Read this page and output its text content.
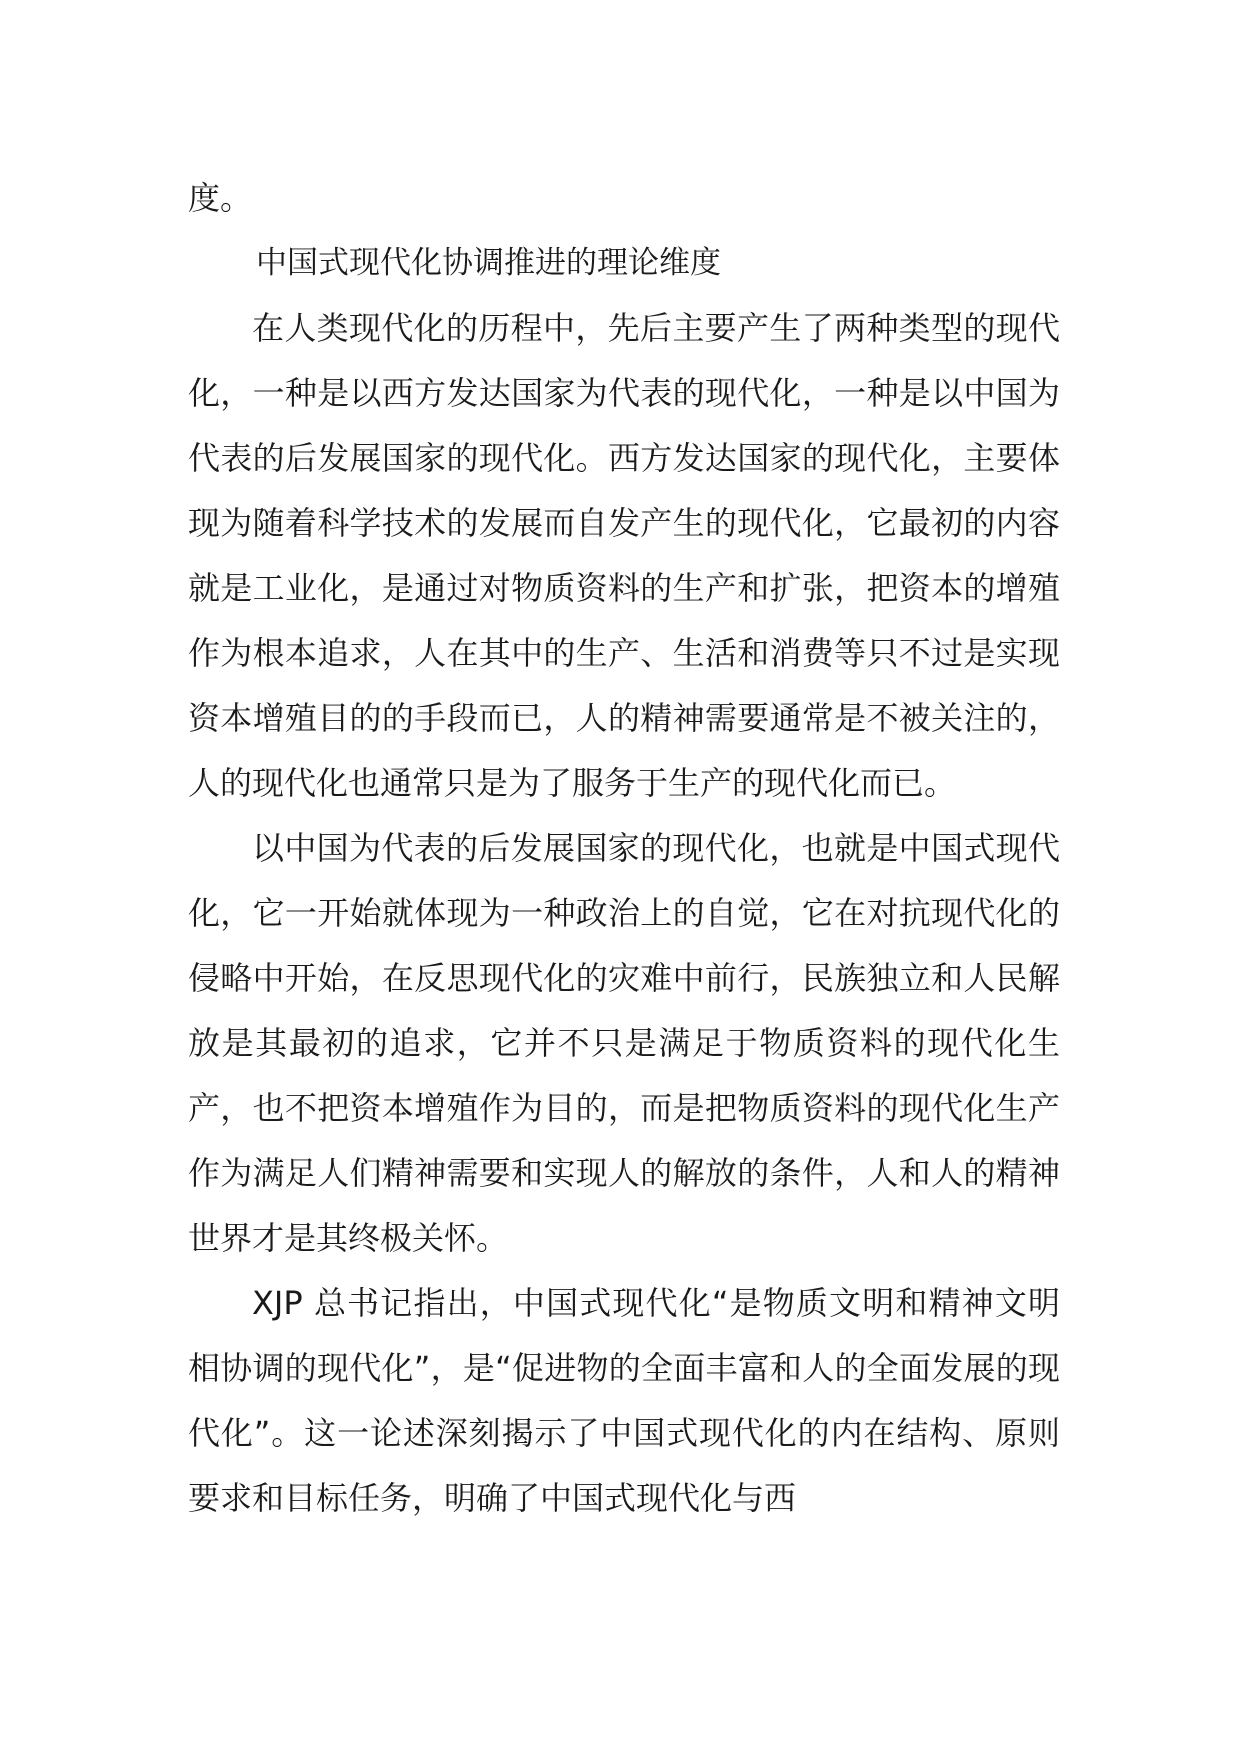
度。

中国式现代化协调推进的理论维度

在人类现代化的历程中，先后主要产生了两种类型的现代化，一种是以西方发达国家为代表的现代化，一种是以中国为代表的后发展国家的现代化。西方发达国家的现代化，主要体现为随着科学技术的发展而自发产生的现代化，它最初的内容就是工业化，是通过对物质资料的生产和扩张，把资本的增殖作为根本追求，人在其中的生产、生活和消费等只不过是实现资本增殖目的的手段而已，人的精神需要通常是不被关注的，人的现代化也通常只是为了服务于生产的现代化而已。

以中国为代表的后发展国家的现代化，也就是中国式现代化，它一开始就体现为一种政治上的自觉，它在对抗现代化的侵略中开始，在反思现代化的灾难中前行，民族独立和人民解放是其最初的追求，它并不只是满足于物质资料的现代化生产，也不把资本增殖作为目的，而是把物质资料的现代化生产作为满足人们精神需要和实现人的解放的条件，人和人的精神世界才是其终极关怀。

XJP 总书记指出，中国式现代化“是物质文明和精神文明相协调的现代化”，是“促进物的全面丰富和人的全面发展的现代化”。这一论述深刻揭示了中国式现代化的内在结构、原则要求和目标任务，明确了中国式现代化与西
